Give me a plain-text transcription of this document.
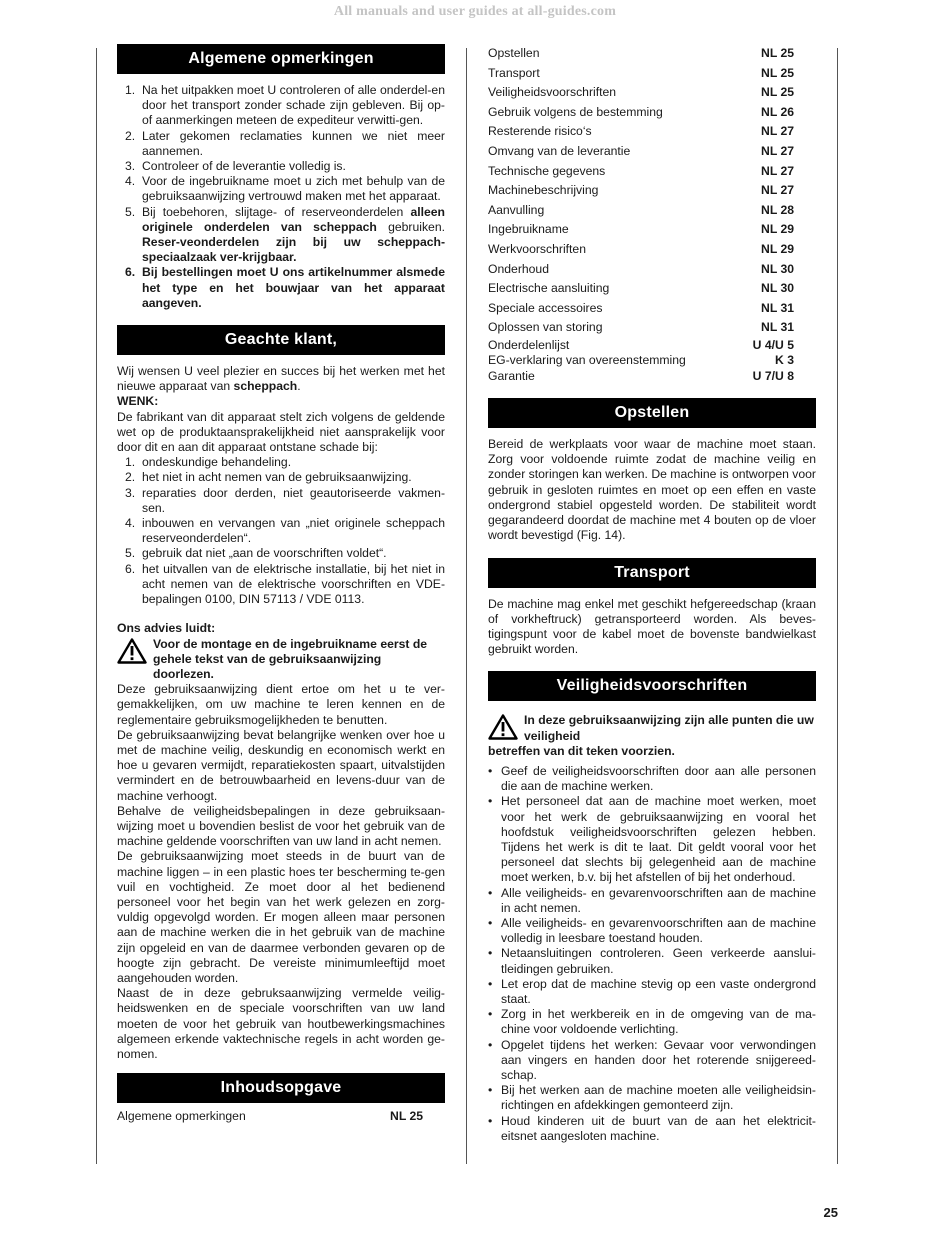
All manuals and user guides at all-guides.com
Algemene opmerkingen
1. Na het uitpakken moet U controleren of alle onderdel-en door het transport zonder schade zijn gebleven. Bij op- of aanmerkingen meteen de expediteur verwitti-gen.
2. Later gekomen reclamaties kunnen we niet meer aannemen.
3. Controleer of de leverantie volledig is.
4. Voor de ingebruikname moet u zich met behulp van de gebruiksaanwijzing vertrouwd maken met het apparaat.
5. Bij toebehoren, slijtage- of reserveonderdelen alleen originele onderdelen van scheppach gebruiken. Reser-veonderdelen zijn bij uw scheppach-speciaalzaak ver-krijgbaar.
6. Bij bestellingen moet U ons artikelnummer alsmede het type en het bouwjaar van het apparaat aangeven.
Geachte klant,

Wij wensen U veel plezier en succes bij het werken met het nieuwe apparaat van scheppach.

WENK:

De fabrikant van dit apparaat stelt zich volgens de geldende wet op de produktaansprakelijkheid niet aansprakelijk voor door dit en aan dit apparaat ontstane schade bij:

1. ondeskundige behandeling.
2. het niet in acht nemen van de gebruiksaanwijzing.
3. reparaties door derden, niet geautoriseerde vakmen-sen.
4. inbouwen en vervangen van „niet originele scheppach reserveonderdelen“.
5. gebruik dat niet „aan de voorschriften voldet“.
6. het uitvallen van de elektrische installatie, bij het niet in acht nemen van de elektrische voorschriften en VDE-bepalingen 0100, DIN 57113 / VDE 0113.

Ons advies luidt:

Voor de montage en de ingebruikname eerst de gehele tekst van de gebruiksaanwijzing doorlezen.

Deze gebruiksaanwijzing dient ertoe om het u te ver-gemakkelijken, om uw machine te leren kennen en de reglementaire gebruiksmogelijkheden te benutten.

De gebruiksaanwijzing bevat belangrijke wenken over hoe u met de machine veilig, deskundig en economisch werkt en hoe u gevaren vermijdt, reparatiekosten spaart, uitvalstijden vermindert en de betrouwbaarheid en levens-duur van de machine verhoogt.

Behalve de veiligheidsbepalingen in deze gebruiksaan-wijzing moet u bovendien beslist de voor het gebruik van de machine geldende voorschriften van uw land in acht nemen.

De gebruiksaanwijzing moet steeds in de buurt van de machine liggen – in een plastic hoes ter bescherming te-gen vuil en vochtigheid. Ze moet door al het bedienend personeel voor het begin van het werk gelezen en zorg-vuldig opgevolgd worden. Er mogen alleen maar personen aan de machine werken die in het gebruik van de machine zijn opgeleid en van de daarmee verbonden gevaren op de hoogte zijn gebracht. De vereiste minimumleeftijd moet aangehouden worden.

Naast de in deze gebruksaanwijzing vermelde veilig-heidswenken en de speciale voorschriften van uw land moeten de voor het gebruik van houtbewerkingsmachines algemeen erkende vaktechnische regels in acht worden ge-nomen.

Inhoudsopgave
Algemene opmerkingen	NL 25
Opstellen	NL 25
Transport	NL 25
Veiligheidsvoorschriften	NL 25
Gebruik volgens de bestemming	NL 26
Resterende risico‘s	NL 27
Omvang van de leverantie	NL 27
Technische gegevens	NL 27
Machinebeschrijving	NL 27
Aanvulling	NL 28
Ingebruikname	NL 29
Werkvoorschriften	NL 29
Onderhoud	NL 30
Electrische aansluiting	NL 30
Speciale accessoires	NL 31
Oplossen van storing	NL 31
Onderdelenlijst	U 4/U 5
EG-verklaring van overeenstemming	K 3
Garantie	U 7/U 8
Opstellen

Bereid de werkplaats voor waar de machine moet staan. Zorg voor voldoende ruimte zodat de machine veilig en zonder storingen kan werken. De machine is ontworpen voor gebruik in gesloten ruimtes en moet op een effen en vaste ondergrond stabiel opgesteld worden. De stabiliteit wordt gegarandeerd doordat de machine met 4 bouten op de vloer wordt bevestigd (Fig. 14).

Transport

De machine mag enkel met geschikt hefgereedschap (kraan of vorkheftruck) getransporteerd worden. Als beves-tigingspunt voor de kabel moet de bovenste bandwielkast gebruikt worden.

Veiligheidsvoorschriften
In deze gebruiksaanwijzing zijn alle punten die uw veiligheid
betreffen van dit teken voorzien.
• Geef de veiligheidsvoorschriften door aan alle personen die aan de machine werken.
• Het personeel dat aan de machine moet werken, moet voor het werk de gebruiksaanwijzing en vooral het hoofdstuk veiligheidsvoorschriften gelezen hebben. Tijdens het werk is dit te laat. Dit geldt vooral voor het personeel dat slechts bij gelegenheid aan de machine moet werken, b.v. bij het afstellen of bij het onderhoud.
• Alle veiligheids- en gevarenvoorschriften aan de machine in acht nemen.
• Alle veiligheids- en gevarenvoorschriften aan de machine volledig in leesbare toestand houden.
• Netaansluitingen controleren. Geen verkeerde aanslui-tleidingen gebruiken.
• Let erop dat de machine stevig op een vaste ondergrond staat.
• Zorg in het werkbereik en in de omgeving van de ma-chine voor voldoende verlichting.
• Opgelet tijdens het werken: Gevaar voor verwondingen aan vingers en handen door het roterende snijgereed-schap.
• Bij het werken aan de machine moeten alle veiligheidsin-richtingen en afdekkingen gemonteerd zijn.
• Houd kinderen uit de buurt van de aan het elektricit-eitsnet aangesloten machine.
25
